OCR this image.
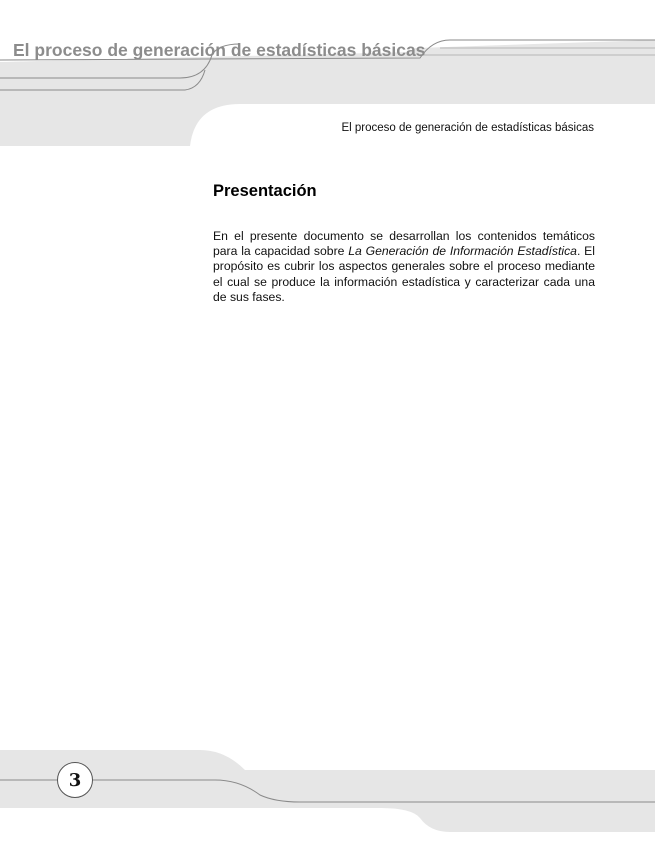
El proceso de generación de estadísticas básicas
El proceso de generación de estadísticas básicas
Presentación

En el presente documento se desarrollan los contenidos temáticos para la capacidad sobre La Generación de Información Estadística. El propósito es cubrir los aspectos generales sobre el proceso mediante el cual se produce la información estadística y caracterizar cada una de sus fases.

3
